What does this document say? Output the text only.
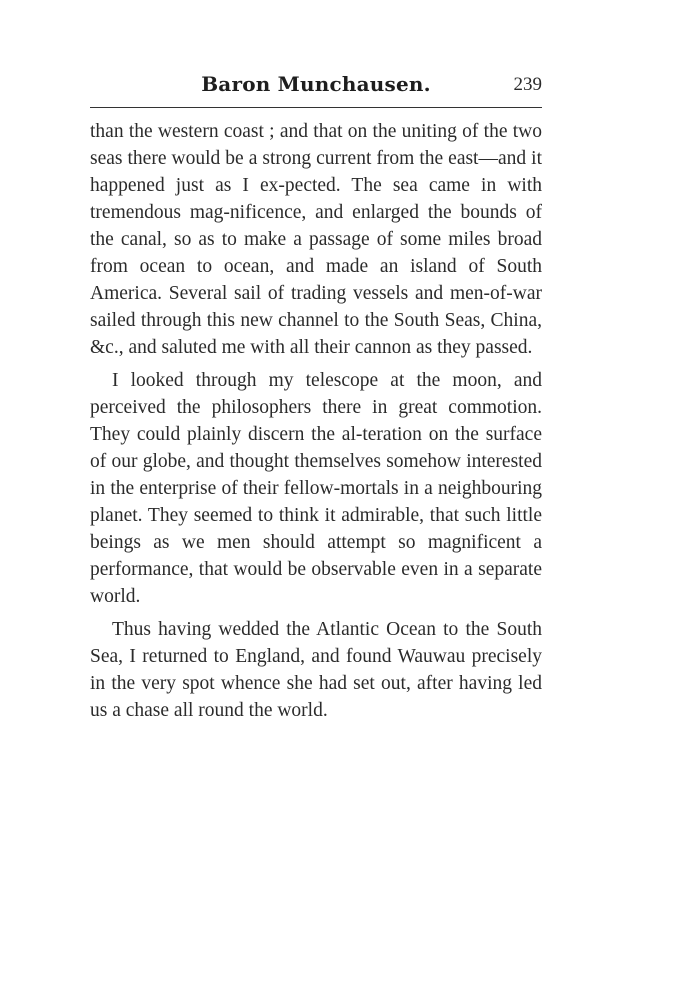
Baron Munchausen.	239

than the western coast ; and that on the uniting of the two seas there would be a strong current from the east—and it happened just as I ex-pected. The sea came in with tremendous mag-nificence, and enlarged the bounds of the canal, so as to make a passage of some miles broad from ocean to ocean, and made an island of South America. Several sail of trading vessels and men-of-war sailed through this new channel to the South Seas, China, &c., and saluted me with all their cannon as they passed.

I looked through my telescope at the moon, and perceived the philosophers there in great commotion. They could plainly discern the al-teration on the surface of our globe, and thought themselves somehow interested in the enterprise of their fellow-mortals in a neighbouring planet. They seemed to think it admirable, that such little beings as we men should attempt so magnificent a performance, that would be observable even in a separate world.

Thus having wedded the Atlantic Ocean to the South Sea, I returned to England, and found Wauwau precisely in the very spot whence she had set out, after having led us a chase all round the world.
